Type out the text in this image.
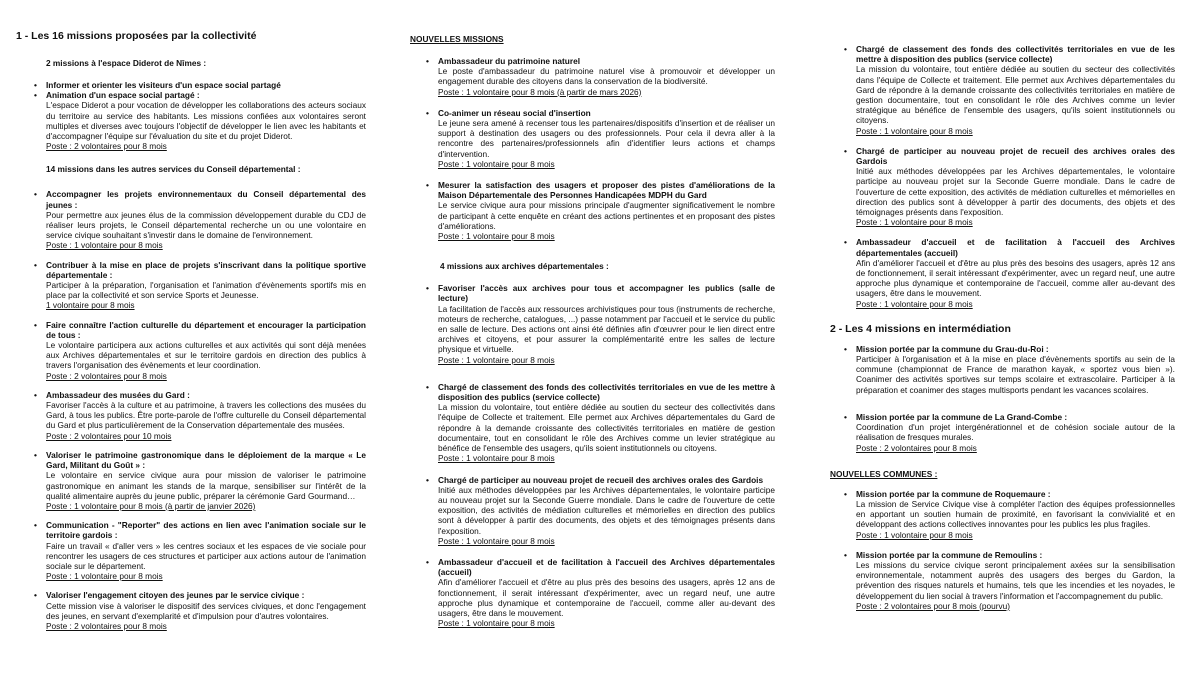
1 - Les 16 missions proposées par la collectivité
2 missions à l'espace Diderot de Nîmes :
• Informer et orienter les visiteurs d'un espace social partagé
• Animation d'un espace social partagé :
L'espace Diderot a pour vocation de développer les collaborations des acteurs sociaux du territoire au service des habitants. Les missions confiées aux volontaires seront multiples et diverses avec toujours l'objectif de développer le lien avec les habitants et d'accompagner l'équipe sur l'évaluation du site et du projet Diderot.
Poste : 2 volontaires pour 8 mois
14 missions dans les autres services du Conseil départemental :
• Accompagner les projets environnementaux du Conseil départemental des jeunes :
Pour permettre aux jeunes élus de la commission développement durable du CDJ de réaliser leurs projets, le Conseil départemental recherche un ou une volontaire en service civique souhaitant s'investir dans le domaine de l'environnement.
Poste : 1 volontaire pour 8 mois
• Contribuer à la mise en place de projets s'inscrivant dans la politique sportive départementale :
Participer à la préparation, l'organisation et l'animation d'évènements sportifs mis en place par la collectivité et son service Sports et Jeunesse.
1 volontaire pour 8 mois
• Faire connaître l'action culturelle du département et encourager la participation de tous :
Le volontaire participera aux actions culturelles et aux activités qui sont déjà menées aux Archives départementales et sur le territoire gardois en direction des publics à travers l'organisation des évènements et leur coordination.
Poste : 2 volontaires pour 8 mois
• Ambassadeur des musées du Gard :
Favoriser l'accès à la culture et au patrimoine, à travers les collections des musées du Gard, à tous les publics. Être porte-parole de l'offre culturelle du Conseil départemental du Gard et plus particulièrement de la Conservation départementale des musées.
Poste : 2 volontaires pour 10 mois
• Valoriser le patrimoine gastronomique dans le déploiement de la marque « Le Gard, Militant du Goût » :
Le volontaire en service civique aura pour mission de valoriser le patrimoine gastronomique en animant les stands de la marque, sensibiliser sur l'intérêt de la qualité alimentaire auprès du jeune public, préparer la cérémonie Gard Gourmand…
Poste : 1 volontaire pour 8 mois (à partir de janvier 2026)
• Communication - "Reporter" des actions en lien avec l'animation sociale sur le territoire gardois :
Faire un travail « d'aller vers » les centres sociaux et les espaces de vie sociale pour rencontrer les usagers de ces structures et participer aux actions autour de l'animation sociale sur le département.
Poste : 1 volontaire pour 8 mois
• Valoriser l'engagement citoyen des jeunes par le service civique :
Cette mission vise à valoriser le dispositif des services civiques, et donc l'engagement des jeunes, en servant d'exemplarité et d'impulsion pour d'autres volontaires.
Poste : 2 volontaires pour 8 mois
NOUVELLES MISSIONS
• Ambassadeur du patrimoine naturel
Le poste d'ambassadeur du patrimoine naturel vise à promouvoir et développer un engagement durable des citoyens dans la conservation de la biodiversité.
Poste : 1 volontaire pour 8 mois (à partir de mars 2026)
• Co-animer un réseau social d'insertion
Le jeune sera amené à recenser tous les partenaires/dispositifs d'insertion et de réaliser un support à destination des usagers ou des professionnels. Pour cela il devra aller à la rencontre des partenaires/professionnels afin d'identifier leurs actions et champs d'intervention.
Poste : 1 volontaire pour 8 mois
• Mesurer la satisfaction des usagers et proposer des pistes d'améliorations de la Maison Départementale des Personnes Handicapées MDPH du Gard
Le service civique aura pour missions principale d'augmenter significativement le nombre de participant à cette enquête en créant des actions pertinentes et en proposant des pistes d'améliorations.
Poste : 1 volontaire pour 8 mois
4 missions aux archives départementales :
• Favoriser l'accès aux archives pour tous et accompagner les publics (salle de lecture)
La facilitation de l'accès aux ressources archivistiques pour tous (instruments de recherche, moteurs de recherche, catalogues, ...) passe notamment par l'accueil et le service du public en salle de lecture. Des actions ont ainsi été définies afin d'œuvrer pour le lien direct entre archives et citoyens, et pour assurer la complémentarité entre les salles de lecture physique et virtuelle.
Poste : 1 volontaire pour 8 mois
• Chargé de classement des fonds des collectivités territoriales en vue de les mettre à disposition des publics (service collecte)
La mission du volontaire, tout entière dédiée au soutien du secteur des collectivités dans l'équipe de Collecte et traitement. Elle permet aux Archives départementales du Gard de répondre à la demande croissante des collectivités territoriales en matière de gestion documentaire, tout en consolidant le rôle des Archives comme un levier stratégique au bénéfice de l'ensemble des usagers, qu'ils soient institutionnels ou citoyens.
Poste : 1 volontaire pour 8 mois
• Chargé de participer au nouveau projet de recueil des archives orales des Gardois
Initié aux méthodes développées par les Archives départementales, le volontaire participe au nouveau projet sur la Seconde Guerre mondiale. Dans le cadre de l'ouverture de cette exposition, des activités de médiation culturelles et mémorielles en direction des publics sont à développer à partir des documents, des objets et des témoignages présents dans l'exposition.
Poste : 1 volontaire pour 8 mois
• Ambassadeur d'accueil et de facilitation à l'accueil des Archives départementales (accueil)
Afin d'améliorer l'accueil et d'être au plus près des besoins des usagers, après 12 ans de fonctionnement, il serait intéressant d'expérimenter, avec un regard neuf, une autre approche plus dynamique et contemporaine de l'accueil, comme aller au-devant des usagers, être dans le mouvement.
Poste : 1 volontaire pour 8 mois
• Chargé de classement des fonds des collectivités territoriales en vue de les mettre à disposition des publics (service collecte)
La mission du volontaire, tout entière dédiée au soutien du secteur des collectivités dans l'équipe de Collecte et traitement. Elle permet aux Archives départementales du Gard de répondre à la demande croissante des collectivités territoriales en matière de gestion documentaire, tout en consolidant le rôle des Archives comme un levier stratégique au bénéfice de l'ensemble des usagers, qu'ils soient institutionnels ou citoyens.
Poste : 1 volontaire pour 8 mois
• Chargé de participer au nouveau projet de recueil des archives orales des Gardois
Initié aux méthodes développées par les Archives départementales, le volontaire participe au nouveau projet sur la Seconde Guerre mondiale. Dans le cadre de l'ouverture de cette exposition, des activités de médiation culturelles et mémorielles en direction des publics sont à développer à partir des documents, des objets et des témoignages présents dans l'exposition.
Poste : 1 volontaire pour 8 mois
• Ambassadeur d'accueil et de facilitation à l'accueil des Archives départementales (accueil)
Afin d'améliorer l'accueil et d'être au plus près des besoins des usagers, après 12 ans de fonctionnement, il serait intéressant d'expérimenter, avec un regard neuf, une autre approche plus dynamique et contemporaine de l'accueil, comme aller au-devant des usagers, être dans le mouvement.
Poste : 1 volontaire pour 8 mois
2 - Les 4 missions en intermédiation
• Mission portée par la commune du Grau-du-Roi :
Participer à l'organisation et à la mise en place d'évènements sportifs au sein de la commune (championnat de France de marathon kayak, « sportez vous bien »). Coanimer des activités sportives sur temps scolaire et extrascolaire. Participer à la préparation et coanimer des stages multisports pendant les vacances scolaires.
• Mission portée par la commune de La Grand-Combe :
Coordination d'un projet intergénérationnel et de cohésion sociale autour de la réalisation de fresques murales.
Poste : 2 volontaires pour 8 mois
NOUVELLES COMMUNES :
• Mission portée par la commune de Roquemaure :
La mission de Service Civique vise à compléter l'action des équipes professionnelles en apportant un soutien humain de proximité, en favorisant la convivialité et en développant des actions collectives innovantes pour les publics les plus fragiles.
Poste : 1 volontaire pour 8 mois
• Mission portée par la commune de Remoulins :
Les missions du service civique seront principalement axées sur la sensibilisation environnementale, notamment auprès des usagers des berges du Gardon, la prévention des risques naturels et humains, tels que les incendies et les noyades, le développement du lien social à travers l'information et l'accompagnement du public.
Poste : 2 volontaires pour 8 mois (pourvu)
